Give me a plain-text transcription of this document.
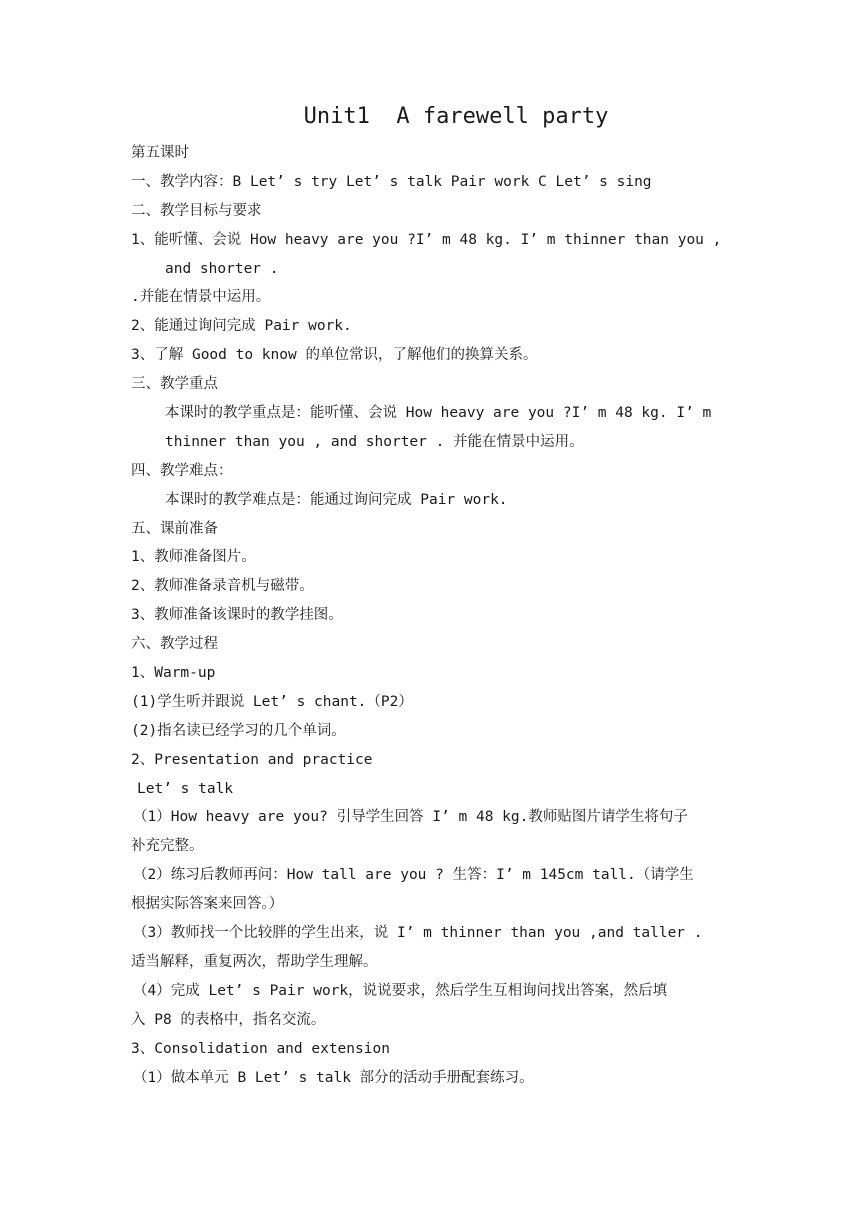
Unit1  A farewell party

第五课时

一、教学内容：B Let’ s try Let’ s talk Pair work C Let’ s sing

二、教学目标与要求

1、能听懂、会说 How heavy are you ?I’ m 48 kg. I’ m thinner than you ,

and shorter .

.并能在情景中运用。

2、能通过询问完成 Pair work.

3、了解 Good to know 的单位常识，了解他们的换算关系。

三、教学重点

本课时的教学重点是：能听懂、会说 How heavy are you ?I’ m 48 kg. I’ m

thinner than you , and shorter . 并能在情景中运用。

四、教学难点：

本课时的教学难点是：能通过询问完成 Pair work.

五、课前准备

1、教师准备图片。

2、教师准备录音机与磁带。

3、教师准备该课时的教学挂图。

六、教学过程

1、Warm-up

(1)学生听并跟说 Let’ s chant.（P2）

(2)指名读已经学习的几个单词。

2、Presentation and practice

Let’ s talk

（1）How heavy are you? 引导学生回答 I’ m 48 kg.教师贴图片请学生将句子

补充完整。

（2）练习后教师再问：How tall are you ? 生答：I’ m 145cm tall.（请学生

根据实际答案来回答。）

（3）教师找一个比较胖的学生出来，说 I’ m thinner than you ,and taller .

适当解释，重复两次，帮助学生理解。

（4）完成 Let’ s Pair work，说说要求，然后学生互相询问找出答案，然后填

入 P8 的表格中，指名交流。

3、Consolidation and extension

（1）做本单元 B Let’ s talk 部分的活动手册配套练习。
